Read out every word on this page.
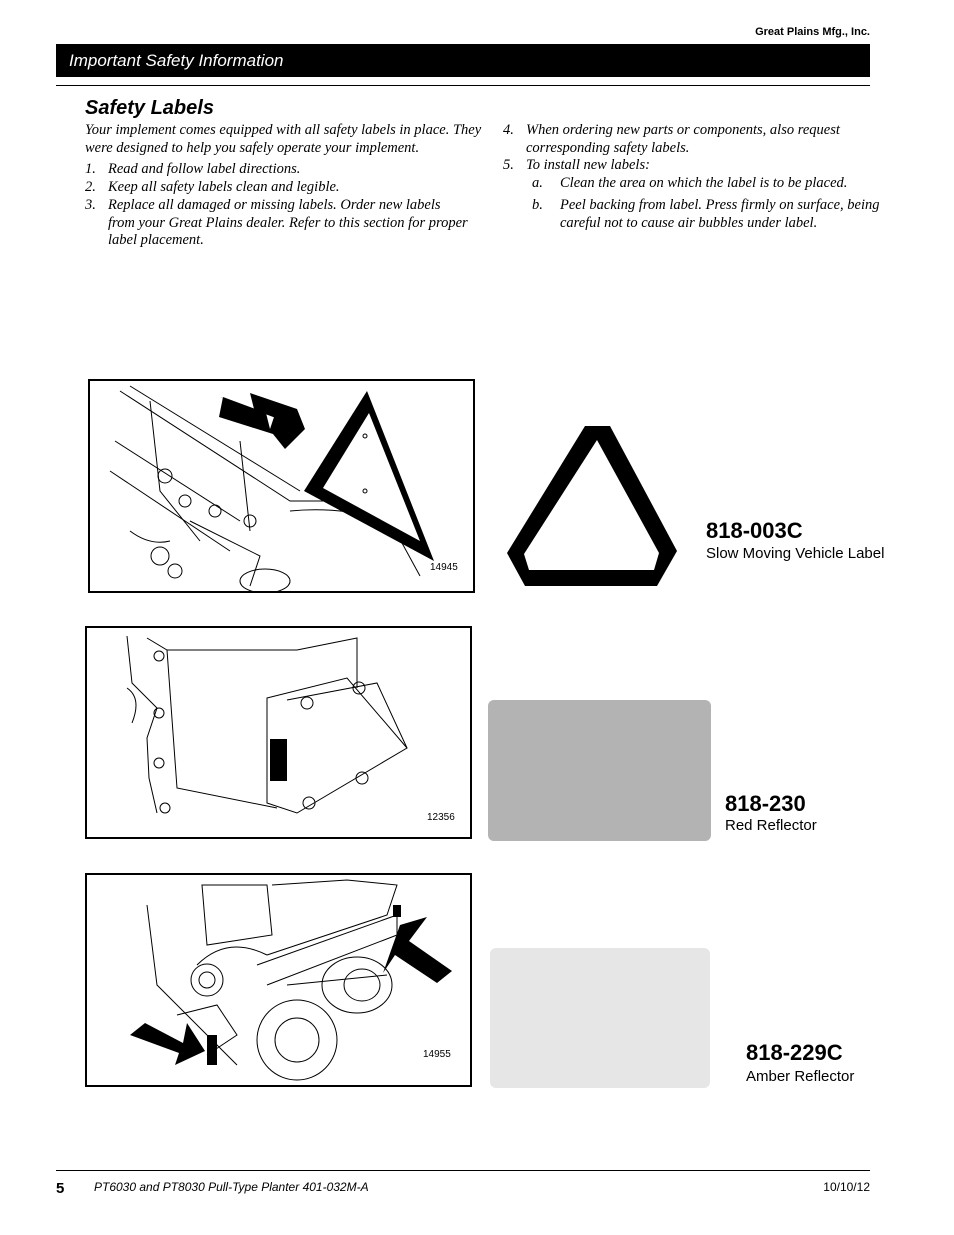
Great Plains Mfg., Inc.
Important Safety Information
Safety Labels
Your implement comes equipped with all safety labels in place. They were designed to help you safely operate your implement.
1. Read and follow label directions.
2. Keep all safety labels clean and legible.
3. Replace all damaged or missing labels. Order new labels from your Great Plains dealer. Refer to this section for proper label placement.
4. When ordering new parts or components, also request corresponding safety labels.
5. To install new labels:
a. Clean the area on which the label is to be placed.
b. Peel backing from label. Press firmly on surface, being careful not to cause air bubbles under label.
14945
818-003C
Slow Moving Vehicle Label
12356
818-230
Red Reflector
14955	818-229C
Amber Reflector
5 PT6030 and PT8030 Pull-Type Planter 401-032M-A	10/10/12
